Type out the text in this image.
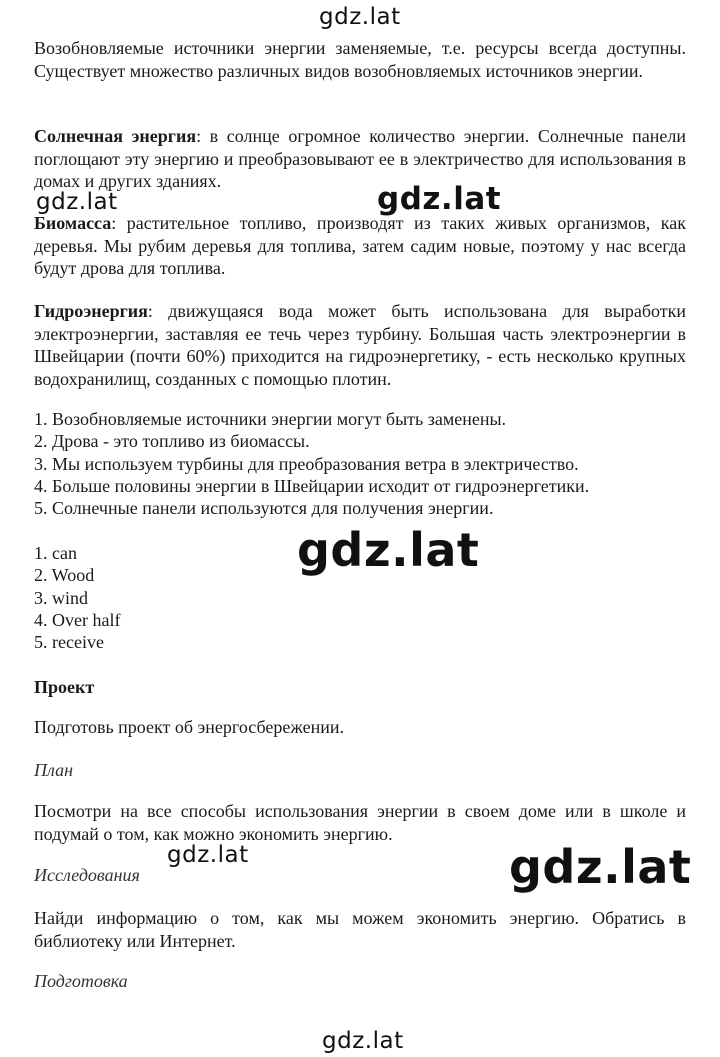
Возобновляемые источники энергии заменяемые, т.е. ресурсы всегда доступны. Существует множество различных видов возобновляемых источников энергии.

Солнечная энергия: в солнце огромное количество энергии. Солнечные панели поглощают эту энергию и преобразовывают ее в электричество для использования в домах и других зданиях.

Биомасса: растительное топливо, производят из таких живых организмов, как деревья. Мы рубим деревья для топлива, затем садим новые, поэтому у нас всегда будут дрова для топлива.

Гидроэнергия: движущаяся вода может быть использована для выработки электроэнергии, заставляя ее течь через турбину. Большая часть электроэнергии в Швейцарии (почти 60%) приходится на гидроэнергетику, - есть несколько крупных водохранилищ, созданных с помощью плотин.

1. Возобновляемые источники энергии могут быть заменены.
2. Дрова - это топливо из биомассы.
3. Мы используем турбины для преобразования ветра в электричество.
4. Больше половины энергии в Швейцарии исходит от гидроэнергетики.
5. Солнечные панели используются для получения энергии.
1. can
2. Wood
3. wind
4. Over half
5. receive
Проект
Подготовь проект об энергосбережении.
План

Посмотри на все способы использования энергии в своем доме или в школе и подумай о том, как можно экономить энергию.

Исследования

Найди информацию о том, как мы можем экономить энергию. Обратись в библиотеку или Интернет.

Подготовка
gdz.lat
gdz.lat	gdz.lat
gdz.lat
gdz.lat	gdz.lat
gdz.lat
